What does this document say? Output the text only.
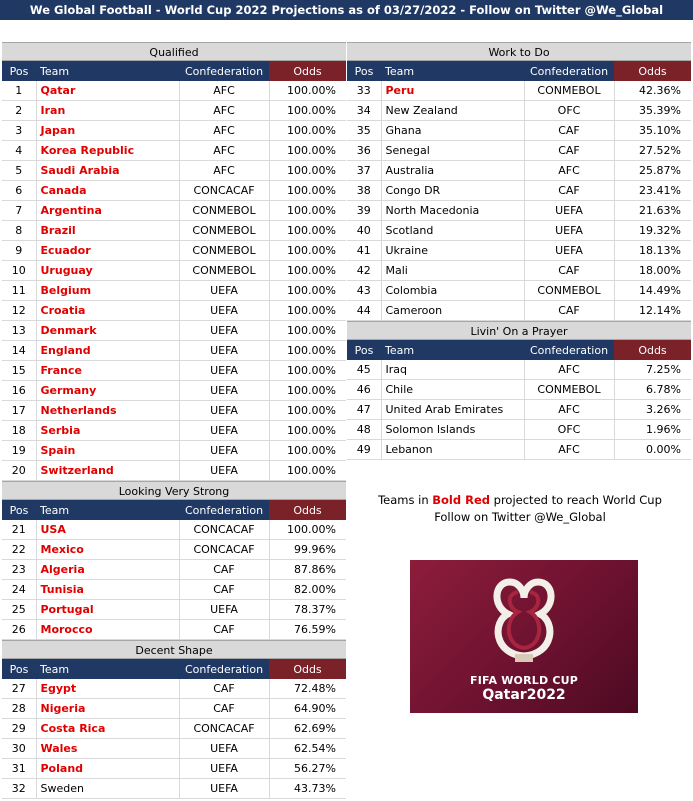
We Global Football - World Cup 2022 Projections as of 03/27/2022 - Follow on Twitter @We_Global
Qualified
Pos	Team	Confederation	Odds
1	Qatar	AFC	100.00%
2	Iran	AFC	100.00%
3	Japan	AFC	100.00%
4	Korea Republic	AFC	100.00%
5	Saudi Arabia	AFC	100.00%
6	Canada	CONCACAF	100.00%
7	Argentina	CONMEBOL	100.00%
8	Brazil	CONMEBOL	100.00%
9	Ecuador	CONMEBOL	100.00%
10	Uruguay	CONMEBOL	100.00%
11	Belgium	UEFA	100.00%
12	Croatia	UEFA	100.00%
13	Denmark	UEFA	100.00%
14	England	UEFA	100.00%
15	France	UEFA	100.00%
16	Germany	UEFA	100.00%
17	Netherlands	UEFA	100.00%
18	Serbia	UEFA	100.00%
19	Spain	UEFA	100.00%
20	Switzerland	UEFA	100.00%
Looking Very Strong
Pos	Team	Confederation	Odds
21	USA	CONCACAF	100.00%
22	Mexico	CONCACAF	99.96%
23	Algeria	CAF	87.86%
24	Tunisia	CAF	82.00%
25	Portugal	UEFA	78.37%
26	Morocco	CAF	76.59%
Decent Shape
Pos	Team	Confederation	Odds
27	Egypt	CAF	72.48%
28	Nigeria	CAF	64.90%
29	Costa Rica	CONCACAF	62.69%
30	Wales	UEFA	62.54%
31	Poland	UEFA	56.27%
32	Sweden	UEFA	43.73%
Work to Do
Pos	Team	Confederation	Odds
33	Peru	CONMEBOL	42.36%
34	New Zealand	OFC	35.39%
35	Ghana	CAF	35.10%
36	Senegal	CAF	27.52%
37	Australia	AFC	25.87%
38	Congo DR	CAF	23.41%
39	North Macedonia	UEFA	21.63%
40	Scotland	UEFA	19.32%
41	Ukraine	UEFA	18.13%
42	Mali	CAF	18.00%
43	Colombia	CONMEBOL	14.49%
44	Cameroon	CAF	12.14%
Livin' On a Prayer
Pos	Team	Confederation	Odds
45	Iraq	AFC	7.25%
46	Chile	CONMEBOL	6.78%
47	United Arab Emirates	AFC	3.26%
48	Solomon Islands	OFC	1.96%
49	Lebanon	AFC	0.00%
Teams in Bold Red projected to reach World Cup
Follow on Twitter @We_Global
FIFA WORLD CUP
Qatar2022
